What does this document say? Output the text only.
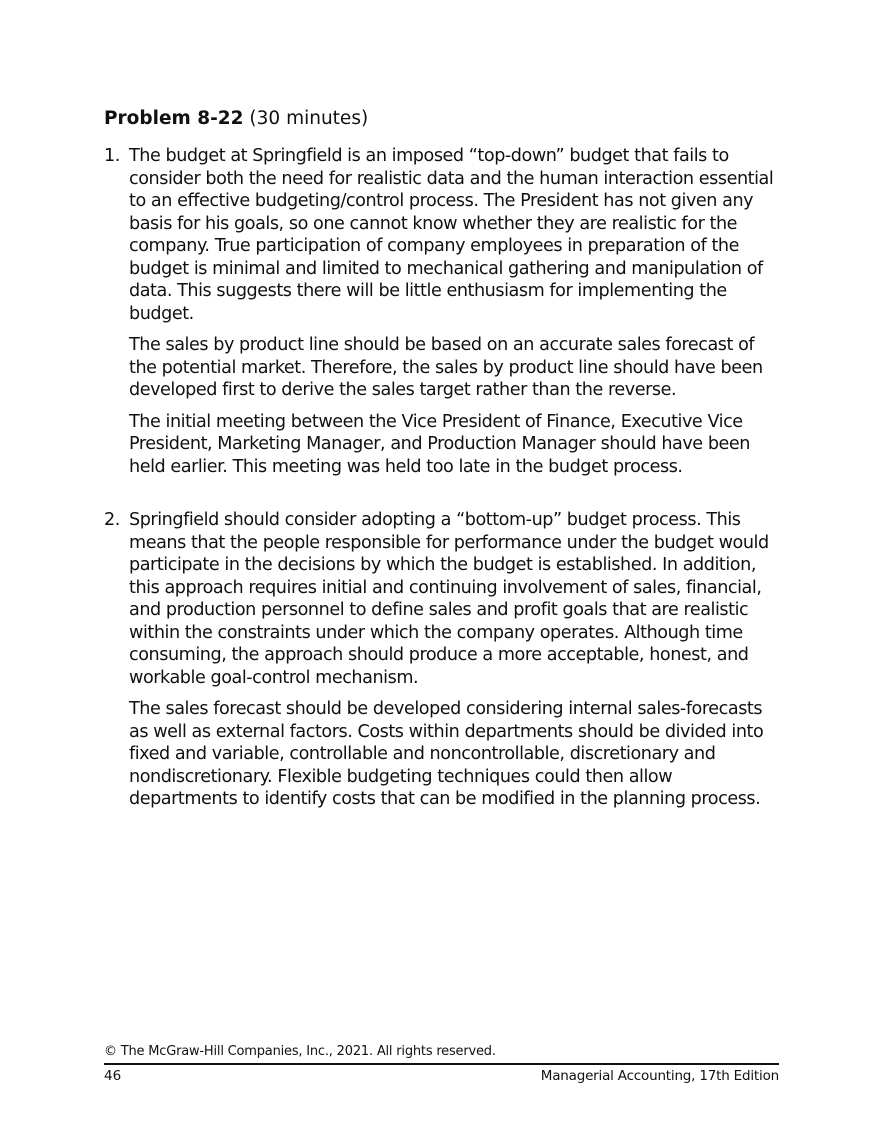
Problem 8-22 (30 minutes)
1. The budget at Springfield is an imposed “top-down” budget that fails to consider both the need for realistic data and the human interaction essential to an effective budgeting/control process. The President has not given any basis for his goals, so one cannot know whether they are realistic for the company. True participation of company employees in preparation of the budget is minimal and limited to mechanical gathering and manipulation of data. This suggests there will be little enthusiasm for implementing the budget.

The sales by product line should be based on an accurate sales forecast of the potential market. Therefore, the sales by product line should have been developed first to derive the sales target rather than the reverse.

The initial meeting between the Vice President of Finance, Executive Vice President, Marketing Manager, and Production Manager should have been held earlier. This meeting was held too late in the budget process.

2. Springfield should consider adopting a “bottom-up” budget process. This means that the people responsible for performance under the budget would participate in the decisions by which the budget is established. In addition, this approach requires initial and continuing involvement of sales, financial, and production personnel to define sales and profit goals that are realistic within the constraints under which the company operates. Although time consuming, the approach should produce a more acceptable, honest, and workable goal-control mechanism.

The sales forecast should be developed considering internal sales-forecasts as well as external factors. Costs within departments should be divided into fixed and variable, controllable and noncontrollable, discretionary and nondiscretionary. Flexible budgeting techniques could then allow departments to identify costs that can be modified in the planning process.

© The McGraw-Hill Companies, Inc., 2021. All rights reserved.
46	Managerial Accounting, 17th Edition
